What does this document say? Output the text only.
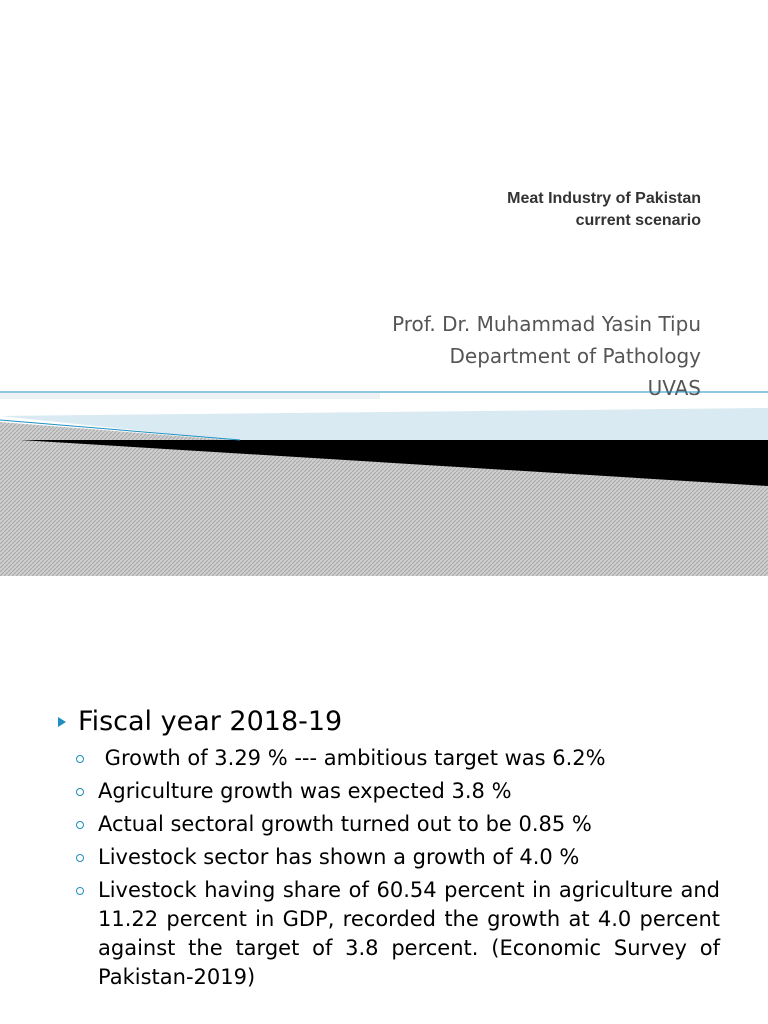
Meat Industry of Pakistan
current scenario
Prof. Dr. Muhammad Yasin Tipu
Department of Pathology
UVAS
Fiscal year 2018-19
Growth of 3.29 % --- ambitious target was 6.2%
Agriculture growth was expected 3.8 %
Actual sectoral growth turned out to be 0.85 %
Livestock sector has shown a growth of 4.0 %
Livestock having share of 60.54 percent in agriculture and 11.22 percent in GDP, recorded the growth at 4.0 percent against the target of 3.8 percent. (Economic Survey of Pakistan-2019)
